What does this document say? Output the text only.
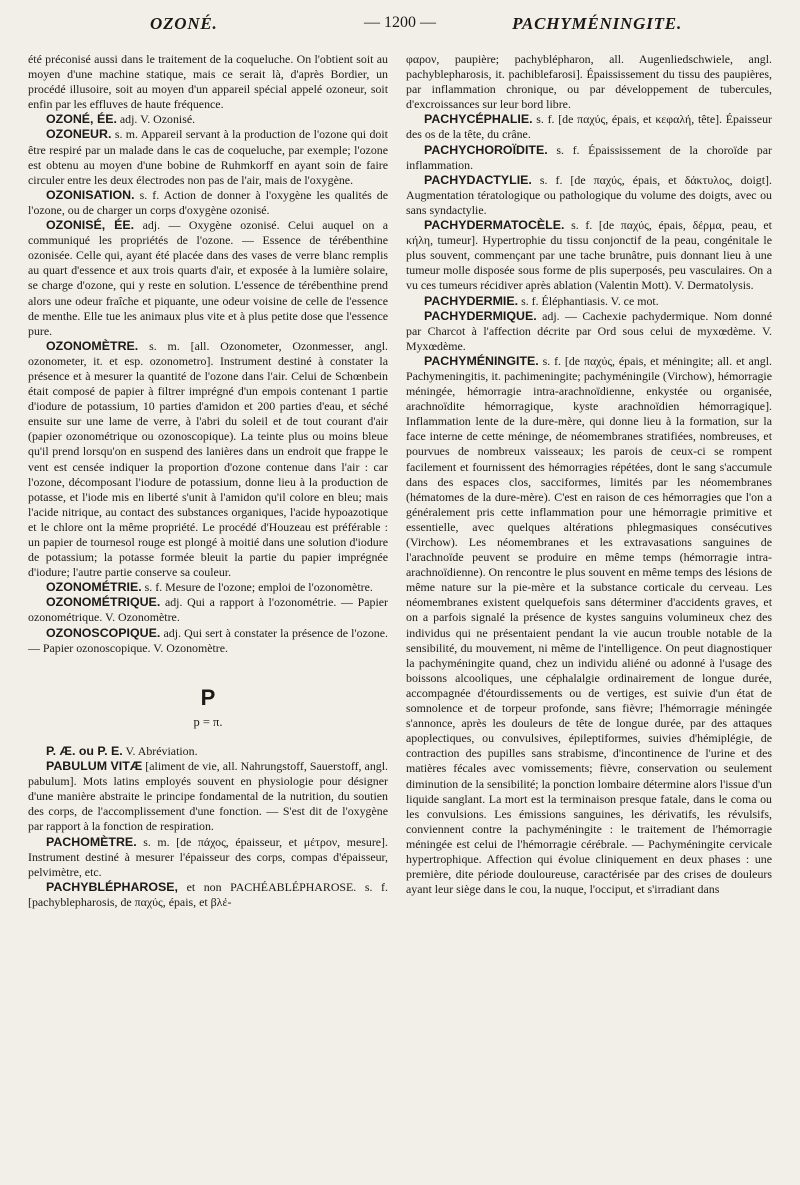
OZONÉ.	— 1200 —	PACHYMÉNINGITE.

été préconisé aussi dans le traitement de la coqueluche. On l'obtient soit au moyen d'une machine statique, mais ce serait là, d'après Bordier, un procédé illusoire, soit au moyen d'un appareil spécial appelé ozoneur, soit enfin par les effluves de haute fréquence.

OZONÉ, ÉE. adj. V. Ozonisé.

OZONEUR. s. m. Appareil servant à la production de l'ozone qui doit être respiré par un malade dans le cas de coqueluche, par exemple; l'ozone est obtenu au moyen d'une bobine de Ruhmkorff en ayant soin de faire circuler entre les deux électrodes non pas de l'air, mais de l'oxygène.

OZONISATION. s. f. Action de donner à l'oxygène les qualités de l'ozone, ou de charger un corps d'oxygène ozonisé.

OZONISÉ, ÉE. adj. — Oxygène ozonisé. Celui auquel on a communiqué les propriétés de l'ozone. — Essence de térébenthine ozonisée. Celle qui, ayant été placée dans des vases de verre blanc remplis au quart d'essence et aux trois quarts d'air, et exposée à la lumière solaire, se charge d'ozone, qui y reste en solution. L'essence de térébenthine prend alors une odeur fraîche et piquante, une odeur voisine de celle de l'essence de menthe. Elle tue les animaux plus vite et à plus petite dose que l'essence pure.

OZONOMÈTRE. s. m. [all. Ozonometer, Ozonmesser, angl. ozonometer, it. et esp. ozonometro]. Instrument destiné à constater la présence et à mesurer la quantité de l'ozone dans l'air. Celui de Schœnbein était composé de papier à filtrer imprégné d'un empois contenant 1 partie d'iodure de potassium, 10 parties d'amidon et 200 parties d'eau, et séché ensuite sur une lame de verre, à l'abri du soleil et de tout courant d'air (papier ozonométrique ou ozonoscopique). La teinte plus ou moins bleue qu'il prend lorsqu'on en suspend des lanières dans un endroit que frappe le vent est censée indiquer la proportion d'ozone contenue dans l'air : car l'ozone, décomposant l'iodure de potassium, donne lieu à la production de potasse, et l'iode mis en liberté s'unit à l'amidon qu'il colore en bleu; mais l'acide nitrique, au contact des substances organiques, l'acide hypoazotique et le chlore ont la même propriété. Le procédé d'Houzeau est préférable : un papier de tournesol rouge est plongé à moitié dans une solution d'iodure de potassium; la potasse formée bleuit la partie du papier imprégnée d'iodure; l'autre partie conserve sa couleur.

OZONOMÉTRIE. s. f. Mesure de l'ozone; emploi de l'ozonomètre.

OZONOMÉTRIQUE. adj. Qui a rapport à l'ozonométrie. — Papier ozonométrique. V. Ozonomètre.

OZONOSCOPIQUE. adj. Qui sert à constater la présence de l'ozone. — Papier ozonoscopique. V. Ozonomètre.

P
p = π.

P. Æ. ou P. E. V. Abréviation.

PABULUM VITÆ [aliment de vie, all. Nahrungstoff, Sauerstoff, angl. pabulum]. Mots latins employés souvent en physiologie pour désigner d'une manière abstraite le principe fondamental de la nutrition, du soutien des corps, de l'accomplissement d'une fonction. — S'est dit de l'oxygène par rapport à la fonction de respiration.

PACHOMÈTRE. s. m. [de πάχος, épaisseur, et μέτρον, mesure]. Instrument destiné à mesurer l'épaisseur des corps, compas d'épaisseur, pelvimètre, etc.

PACHYBLÉPHAROSE, et non PACHÉABLÉPHAROSE. s. f. [pachyblepharosis, de παχύς, épais, et βλέ-

φαρον, paupière; pachyblépharon, all. Augenliedschwiele, angl. pachyblepharosis, it. pachiblefarosi]. Épaississement du tissu des paupières, par inflammation chronique, ou par développement de tubercules, d'excroissances sur leur bord libre.

PACHYCÉPHALIE. s. f. [de παχύς, épais, et κεφαλή, tête]. Épaisseur des os de la tête, du crâne.

PACHYCHOROÏDITE. s. f. Épaississement de la choroïde par inflammation.

PACHYDACTYLIE. s. f. [de παχύς, épais, et δάκτυλος, doigt]. Augmentation tératologique ou pathologique du volume des doigts, avec ou sans syndactylie.

PACHYDERMATOCÈLE. s. f. [de παχύς, épais, δέρμα, peau, et κήλη, tumeur]. Hypertrophie du tissu conjonctif de la peau, congénitale le plus souvent, commençant par une tache brunâtre, puis donnant lieu à une tumeur molle disposée sous forme de plis superposés, peu vasculaires. On a vu ces tumeurs récidiver après ablation (Valentin Mott). V. Dermatolysis.

PACHYDERMIE. s. f. Éléphantiasis. V. ce mot.

PACHYDERMIQUE. adj. — Cachexie pachydermique. Nom donné par Charcot à l'affection décrite par Ord sous celui de myxœdème. V. Myxœdème.

PACHYMÉNINGITE. s. f. [de παχύς, épais, et méningite; all. et angl. Pachymeningitis, it. pachimeningite; pachyméningile (Virchow), hémorragie méningée, hémorragie intra-arachnoïdienne, enkystée ou organisée, arachnoïdite hémorragique, kyste arachnoïdien hémorragique]. Inflammation lente de la dure-mère, qui donne lieu à la formation, sur la face interne de cette méninge, de néomembranes stratifiées, nombreuses, et pourvues de nombreux vaisseaux; les parois de ceux-ci se rompent facilement et fournissent des hémorragies répétées, dont le sang s'accumule dans des espaces clos, sacciformes, limités par les néomembranes (hématomes de la dure-mère). C'est en raison de ces hémorragies que l'on a généralement pris cette inflammation pour une hémorragie primitive et essentielle, avec quelques altérations phlegmasiques consécutives (Virchow). Les néomembranes et les extravasations sanguines de l'arachnoïde peuvent se produire en même temps (hémorragie intra-arachnoïdienne). On rencontre le plus souvent en même temps des lésions de même nature sur la pie-mère et la substance corticale du cerveau. Les néomembranes existent quelquefois sans déterminer d'accidents graves, et on a parfois signalé la présence de kystes sanguins volumineux chez des individus qui ne présentaient pendant la vie aucun trouble notable de la sensibilité, du mouvement, ni même de l'intelligence. On peut diagnostiquer la pachyméningite quand, chez un individu aliéné ou adonné à l'usage des boissons alcooliques, une céphalalgie ordinairement de longue durée, accompagnée d'étourdissements ou de vertiges, est suivie d'un état de somnolence et de torpeur profonde, sans fièvre; l'hémorragie méningée s'annonce, après les douleurs de tête de longue durée, par des attaques apoplectiques, ou convulsives, épileptiformes, suivies d'hémiplégie, de contraction des pupilles sans strabisme, d'incontinence de l'urine et des matières fécales avec vomissements; fièvre, conservation ou seulement diminution de la sensibilité; la ponction lombaire détermine alors l'issue d'un liquide sanglant. La mort est la terminaison presque fatale, dans le coma ou les convulsions. Les émissions sanguines, les dérivatifs, les révulsifs, conviennent contre la pachyméningite : le traitement de l'hémorragie méningée est celui de l'hémorragie cérébrale. — Pachyméningite cervicale hypertrophique. Affection qui évolue cliniquement en deux phases : une première, dite période douloureuse, caractérisée par des crises de douleurs ayant leur siège dans le cou, la nuque, l'occiput, et s'irradiant dans
